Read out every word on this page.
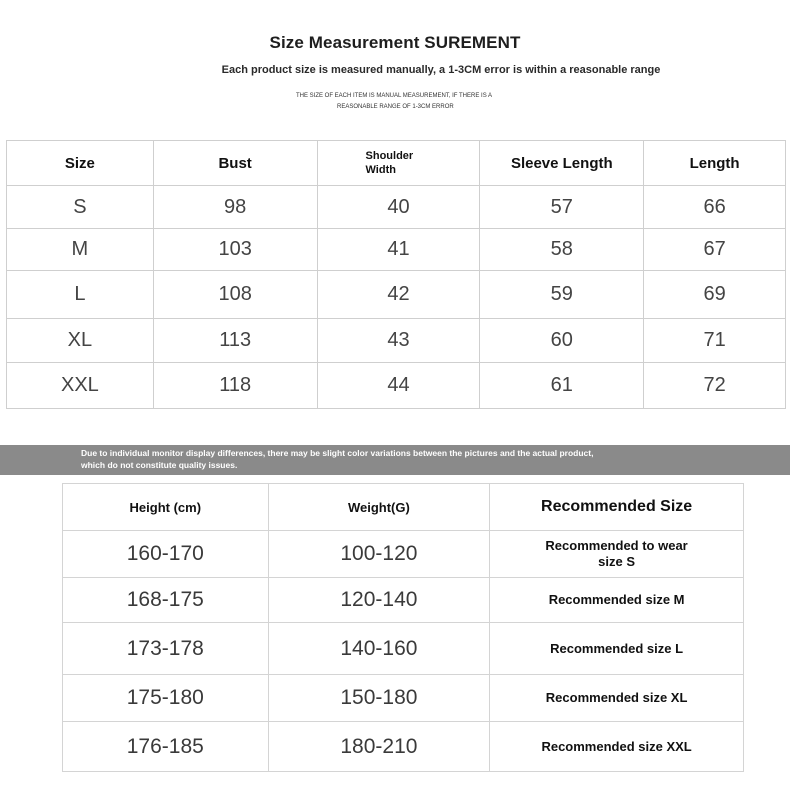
Size Measurement SUREMENT
Each product size is measured manually, a 1-3CM error is within a reasonable range
THE SIZE OF EACH ITEM IS MANUAL MEASUREMENT, IF THERE IS A
REASONABLE RANGE OF 1-3CM ERROR
Size	Bust	Shoulder Width	Sleeve Length	Length
S	98	40	57	66
M	103	41	58	67
L	108	42	59	69
XL	113	43	60	71
XXL	118	44	61	72
Due to individual monitor display differences, there may be slight color variations between the pictures and the actual product,
which do not constitute quality issues.
Height (cm)	Weight(G)	Recommended Size
160-170	100-120	Recommended to wear size S

168-175	120-140	Recommended size M
173-178	140-160	Recommended size L
175-180	150-180	Recommended size XL
176-185	180-210	Recommended size XXL
